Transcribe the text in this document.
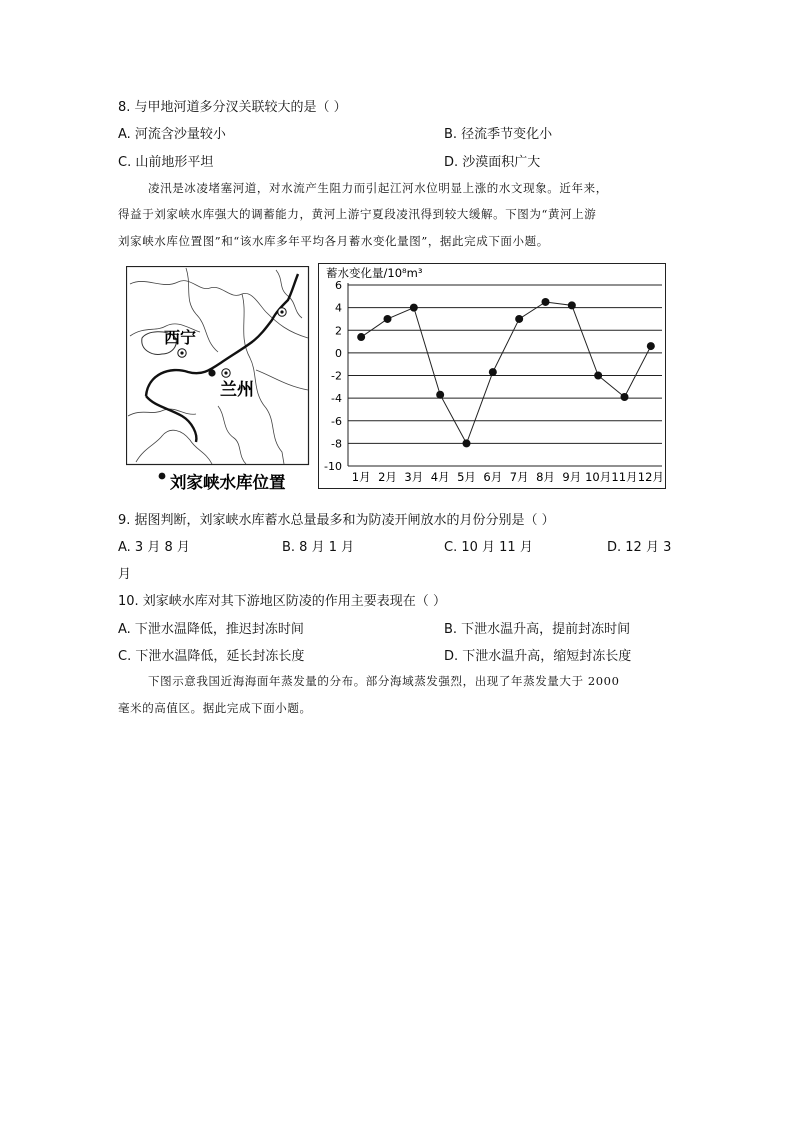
8. 与甲地河道多分汊关联较大的是（ ）
A. 河流含沙量较小	B. 径流季节变化小
C. 山前地形平坦	D. 沙漠面积广大
凌汛是冰凌堵塞河道，对水流产生阻力而引起江河水位明显上涨的水文现象。近年来，
得益于刘家峡水库强大的调蓄能力，黄河上游宁夏段凌汛得到较大缓解。下图为“黄河上游
刘家峡水库位置图”和“该水库多年平均各月蓄水变化量图”，据此完成下面小题。
西宁
兰州
刘家峡水库位置
蓄水变化量/10⁸m³
6
4
2
0
-2
-4
-6
-8
-10
1月 2月 3月 4月 5月 6月 7月 8月 9月 10月 11月 12月
9. 据图判断，刘家峡水库蓄水总量最多和为防凌开闸放水的月份分别是（ ）
A. 3 月 8 月	B. 8 月 1 月	C. 10 月 11 月	D. 12 月 3
月
10. 刘家峡水库对其下游地区防凌的作用主要表现在（ ）
A. 下泄水温降低，推迟封冻时间	B. 下泄水温升高，提前封冻时间
C. 下泄水温降低，延长封冻长度	D. 下泄水温升高，缩短封冻长度
下图示意我国近海海面年蒸发量的分布。部分海域蒸发强烈，出现了年蒸发量大于 2000
毫米的高值区。据此完成下面小题。
